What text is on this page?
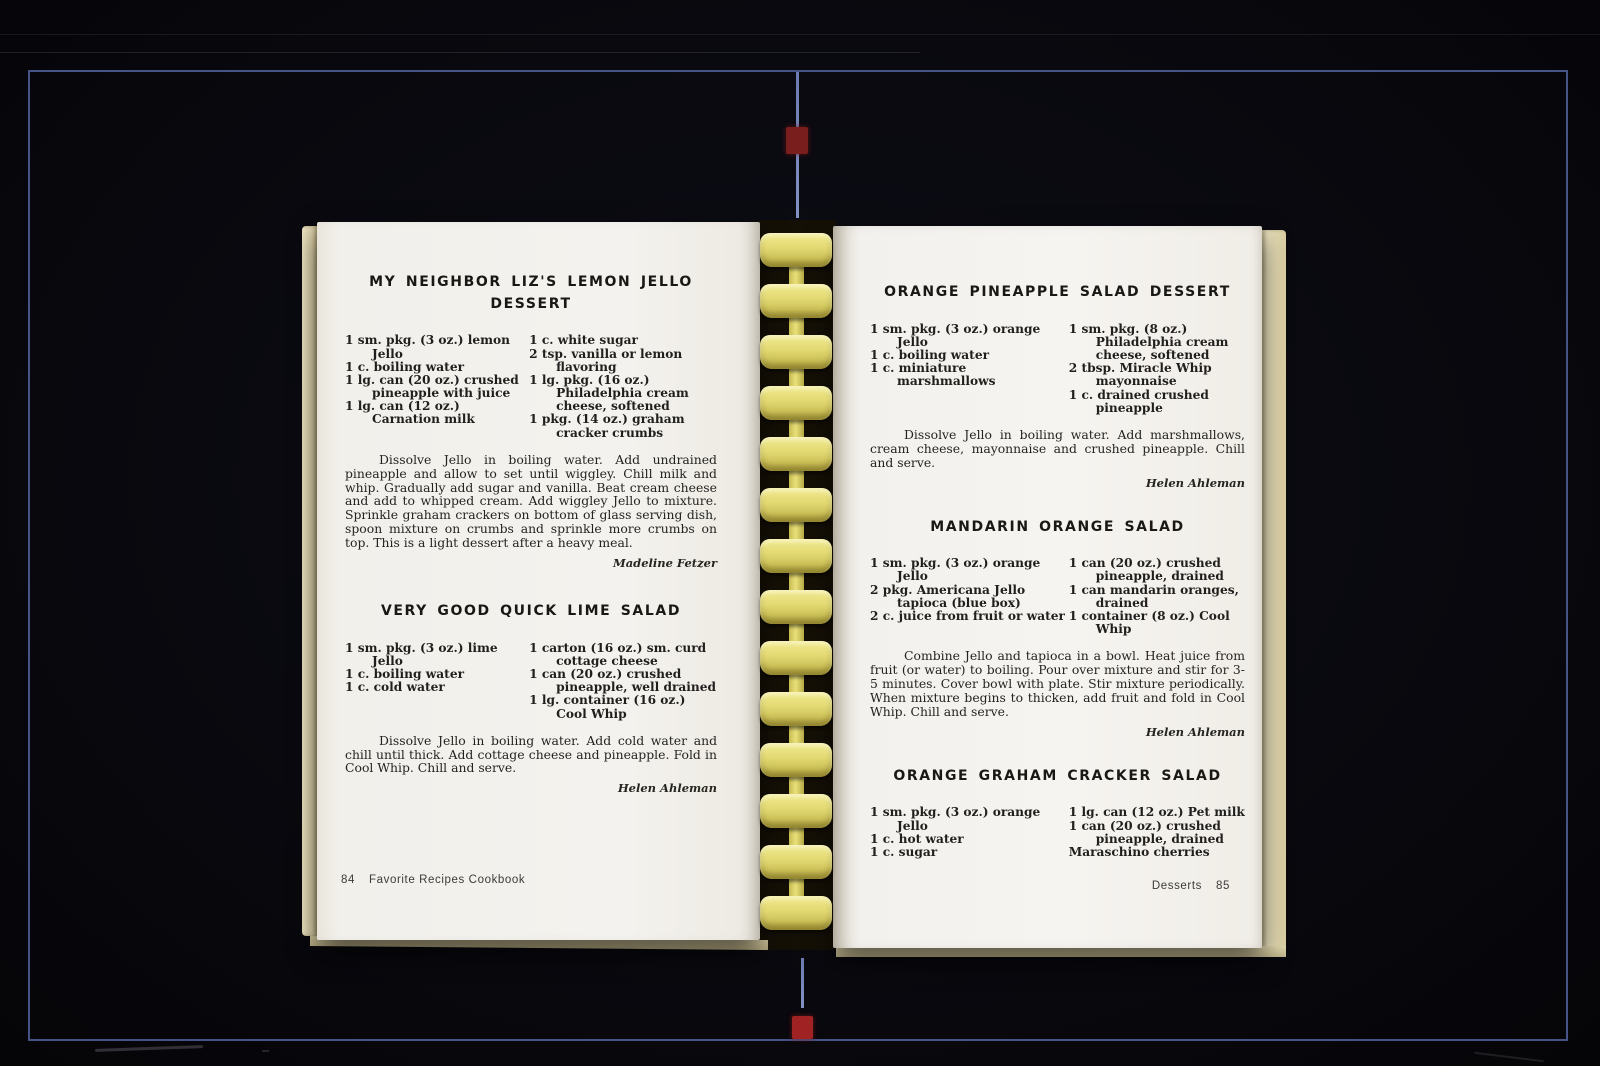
MY NEIGHBOR LIZ'S LEMON JELLO DESSERT
1 sm. pkg. (3 oz.) lemon Jello
1 c. boiling water
1 lg. can (20 oz.) crushed pineapple with juice
1 lg. can (12 oz.) Carnation milk
1 c. white sugar
2 tsp. vanilla or lemon flavoring
1 lg. pkg. (16 oz.) Philadelphia cream cheese, softened
1 pkg. (14 oz.) graham cracker crumbs

Dissolve Jello in boiling water. Add undrained pineapple and allow to set until wiggley. Chill milk and whip. Gradually add sugar and vanilla. Beat cream cheese and add to whipped cream. Add wiggley Jello to mixture. Sprinkle graham crackers on bottom of glass serving dish, spoon mixture on crumbs and sprinkle more crumbs on top. This is a light dessert after a heavy meal.

Madeline Fetzer
VERY GOOD QUICK LIME SALAD
1 sm. pkg. (3 oz.) lime Jello
1 c. boiling water
1 c. cold water
1 carton (16 oz.) sm. curd cottage cheese
1 can (20 oz.) crushed pineapple, well drained
1 lg. container (16 oz.) Cool Whip

Dissolve Jello in boiling water. Add cold water and chill until thick. Add cottage cheese and pineapple. Fold in Cool Whip. Chill and serve.

Helen Ahleman
84 Favorite Recipes Cookbook
ORANGE PINEAPPLE SALAD DESSERT
1 sm. pkg. (3 oz.) orange Jello
1 c. boiling water
1 c. miniature marshmallows
1 sm. pkg. (8 oz.) Philadelphia cream cheese, softened
2 tbsp. Miracle Whip mayonnaise
1 c. drained crushed pineapple

Dissolve Jello in boiling water. Add marshmallows, cream cheese, mayonnaise and crushed pineapple. Chill and serve.

Helen Ahleman
MANDARIN ORANGE SALAD
1 sm. pkg. (3 oz.) orange Jello
2 pkg. Americana Jello tapioca (blue box)
2 c. juice from fruit or water
1 can (20 oz.) crushed pineapple, drained
1 can mandarin oranges, drained
1 container (8 oz.) Cool Whip

Combine Jello and tapioca in a bowl. Heat juice from fruit (or water) to boiling. Pour over mixture and stir for 3-5 minutes. Cover bowl with plate. Stir mixture periodically. When mixture begins to thicken, add fruit and fold in Cool Whip. Chill and serve.

Helen Ahleman
ORANGE GRAHAM CRACKER SALAD
1 sm. pkg. (3 oz.) orange Jello
1 c. hot water
1 c. sugar
1 lg. can (12 oz.) Pet milk
1 can (20 oz.) crushed pineapple, drained
Maraschino cherries
Desserts 85
